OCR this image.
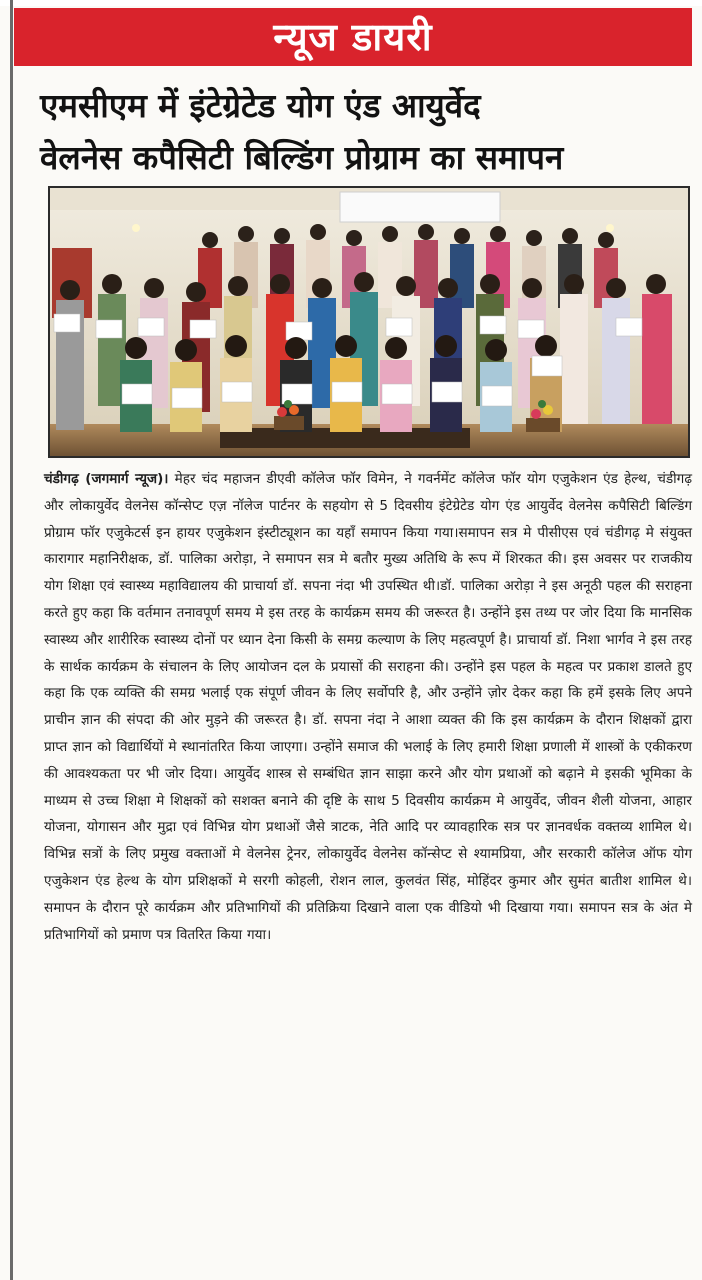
न्यूज डायरी
एमसीएम में इंटेग्रेटेड योग एंड आयुर्वेद
वेलनेस कपैसिटी बिल्डिंग प्रोग्राम का समापन

चंडीगढ़ (जगमार्ग न्यूज)। मेहर चंद महाजन डीएवी कॉलेज फॉर विमेन, ने गवर्नमेंट कॉलेज फॉर योग एजुकेशन एंड हेल्थ, चंडीगढ़ और लोकायुर्वेद वेलनेस कॉन्सेप्ट एज़ नॉलेज पार्टनर के सहयोग से 5 दिवसीय इंटेग्रेटेड योग एंड आयुर्वेद वेलनेस कपैसिटी बिल्डिंग प्रोग्राम फॉर एजुकेटर्स इन हायर एजुकेशन इंस्टीट्यूशन का यहाँ समापन किया गया।समापन सत्र मे पीसीएस एवं चंडीगढ़ मे संयुक्त कारागार महानिरीक्षक, डॉ. पालिका अरोड़ा, ने समापन सत्र मे बतौर मुख्य अतिथि के रूप में शिरकत की। इस अवसर पर राजकीय योग शिक्षा एवं स्वास्थ्य महाविद्यालय की प्राचार्या डॉ. सपना नंदा भी उपस्थित थी।डॉ. पालिका अरोड़ा ने इस अनूठी पहल की सराहना करते हुए कहा कि वर्तमान तनावपूर्ण समय मे इस तरह के कार्यक्रम समय की जरूरत है। उन्होंने इस तथ्य पर जोर दिया कि मानसिक स्वास्थ्य और शारीरिक स्वास्थ्य दोनों पर ध्यान देना किसी के समग्र कल्याण के लिए महत्वपूर्ण है। प्राचार्या डॉ. निशा भार्गव ने इस तरह के सार्थक कार्यक्रम के संचालन के लिए आयोजन दल के प्रयासों की सराहना की। उन्होंने इस पहल के महत्व पर प्रकाश डालते हुए कहा कि एक व्यक्ति की समग्र भलाई एक संपूर्ण जीवन के लिए सर्वोपरि है, और उन्होंने ज़ोर देकर कहा कि हमें इसके लिए अपने प्राचीन ज्ञान की संपदा की ओर मुड़ने की जरूरत है। डॉ. सपना नंदा ने आशा व्यक्त की कि इस कार्यक्रम के दौरान शिक्षकों द्वारा प्राप्त ज्ञान को विद्यार्थियों मे स्थानांतरित किया जाएगा। उन्होंने समाज की भलाई के लिए हमारी शिक्षा प्रणाली में शास्त्रों के एकीकरण की आवश्यकता पर भी जोर दिया। आयुर्वेद शास्त्र से सम्बंधित ज्ञान साझा करने और योग प्रथाओं को बढ़ाने मे इसकी भूमिका के माध्यम से उच्च शिक्षा मे शिक्षकों को सशक्त बनाने की दृष्टि के साथ 5 दिवसीय कार्यक्रम मे आयुर्वेद, जीवन शैली योजना, आहार योजना, योगासन और मुद्रा एवं विभिन्न योग प्रथाओं जैसे त्राटक, नेति आदि पर व्यावहारिक सत्र पर ज्ञानवर्धक वक्तव्य शामिल थे। विभिन्न सत्रों के लिए प्रमुख वक्ताओं मे वेलनेस ट्रेनर, लोकायुर्वेद वेलनेस कॉन्सेप्ट से श्यामप्रिया, और सरकारी कॉलेज ऑफ योग एजुकेशन एंड हेल्थ के योग प्रशिक्षकों मे सरगी कोहली, रोशन लाल, कुलवंत सिंह, मोहिंदर कुमार और सुमंत बातीश शामिल थे। समापन के दौरान पूरे कार्यक्रम और प्रतिभागियों की प्रतिक्रिया दिखाने वाला एक वीडियो भी दिखाया गया। समापन सत्र के अंत मे प्रतिभागियों को प्रमाण पत्र वितरित किया गया।
